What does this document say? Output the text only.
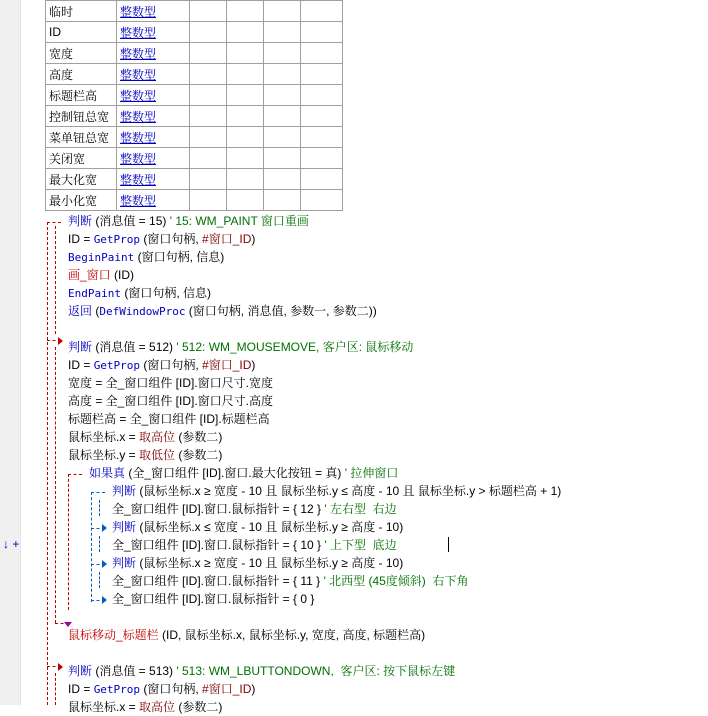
↓ +
临时	整数型				
ID	整数型				
宽度	整数型				
高度	整数型				
标题栏高	整数型				
控制钮总宽	整数型				
菜单钮总宽	整数型				
关闭宽	整数型				
最大化宽	整数型				
最小化宽	整数型				
判断 (消息值 = 15) ' 15: WM_PAINT 窗口重画
ID = GetProp (窗口句柄, #窗口_ID)
BeginPaint (窗口句柄, 信息)
画_窗口 (ID)
EndPaint (窗口句柄, 信息)
返回 (DefWindowProc (窗口句柄, 消息值, 参数一, 参数二))
判断 (消息值 = 512) ' 512: WM_MOUSEMOVE, 客户区: 鼠标移动
ID = GetProp (窗口句柄, #窗口_ID)
宽度 = 全_窗口组件 [ID].窗口尺寸.宽度
高度 = 全_窗口组件 [ID].窗口尺寸.高度
标题栏高 = 全_窗口组件 [ID].标题栏高
鼠标坐标.x = 取高位 (参数二)
鼠标坐标.y = 取低位 (参数二)
如果真 (全_窗口组件 [ID].窗口.最大化按钮 = 真) ' 拉伸窗口
判断 (鼠标坐标.x ≥ 宽度 - 10 且 鼠标坐标.y ≤ 高度 - 10 且 鼠标坐标.y > 标题栏高 + 1)
全_窗口组件 [ID].窗口.鼠标指针 = { 12 } ' 左右型  右边
判断 (鼠标坐标.x ≤ 宽度 - 10 且 鼠标坐标.y ≥ 高度 - 10)
全_窗口组件 [ID].窗口.鼠标指针 = { 10 } ' 上下型  底边
判断 (鼠标坐标.x ≥ 宽度 - 10 且 鼠标坐标.y ≥ 高度 - 10)
全_窗口组件 [ID].窗口.鼠标指针 = { 11 } ' 北西型 (45度倾斜)  右下角
全_窗口组件 [ID].窗口.鼠标指针 = { 0 }
鼠标移动_标题栏 (ID, 鼠标坐标.x, 鼠标坐标.y, 宽度, 高度, 标题栏高)
判断 (消息值 = 513) ' 513: WM_LBUTTONDOWN,  客户区: 按下鼠标左键
ID = GetProp (窗口句柄, #窗口_ID)
鼠标坐标.x = 取高位 (参数二)
